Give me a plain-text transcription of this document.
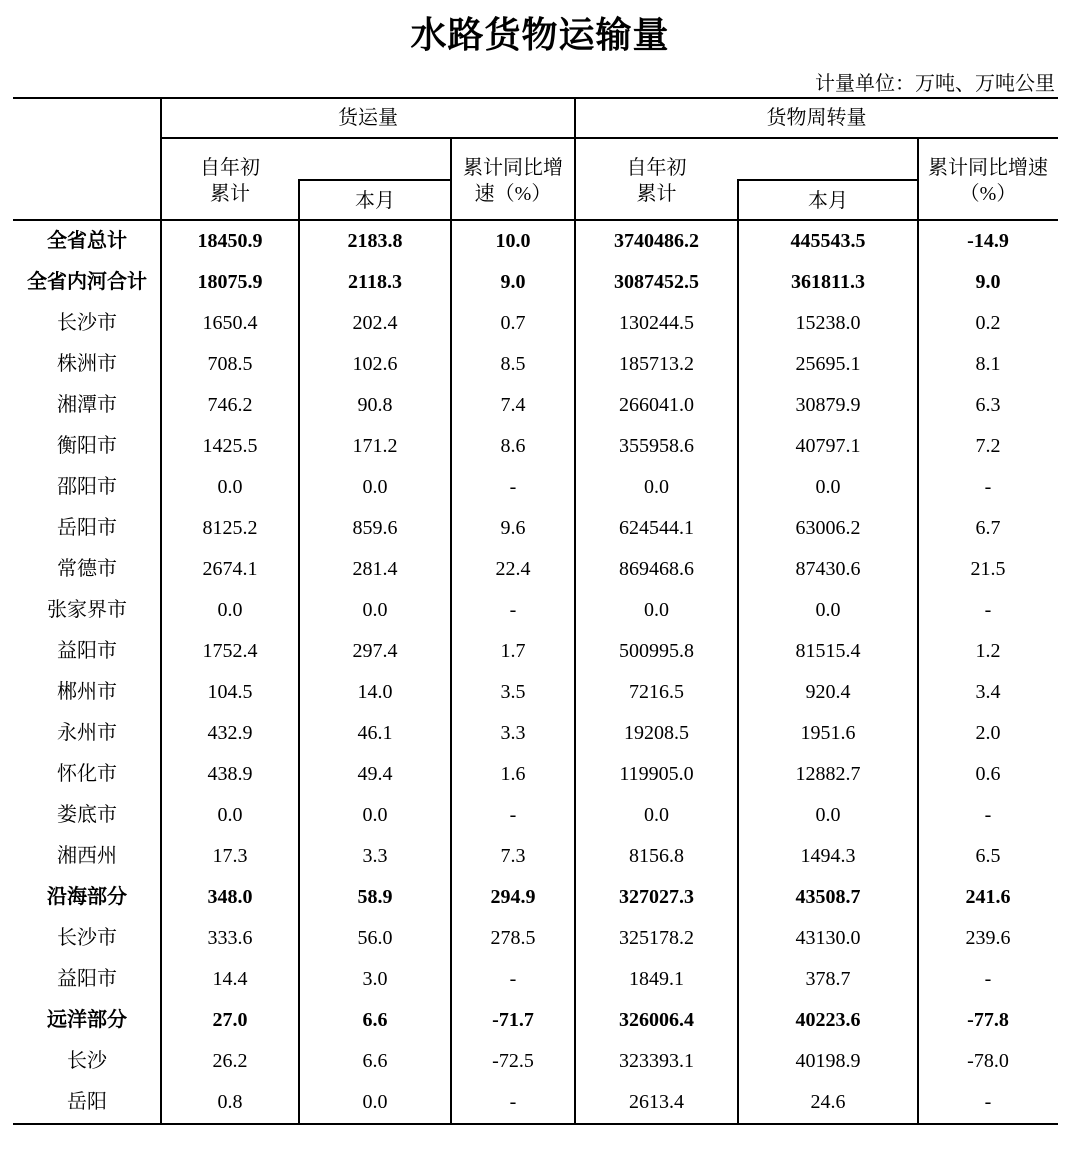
水路货物运输量
计量单位：万吨、万吨公里
货运量	货物周转量
自年初
累计	本月
累计同比增
速（%）
自年初
累计	本月
累计同比增速
（%）
全省总计	18450.9	2183.8	10.0	3740486.2	445543.5	-14.9
全省内河合计	18075.9	2118.3	9.0	3087452.5	361811.3	9.0
长沙市	1650.4	202.4	0.7	130244.5	15238.0	0.2
株洲市	708.5	102.6	8.5	185713.2	25695.1	8.1
湘潭市	746.2	90.8	7.4	266041.0	30879.9	6.3
衡阳市	1425.5	171.2	8.6	355958.6	40797.1	7.2
邵阳市	0.0	0.0	-	0.0	0.0	-
岳阳市	8125.2	859.6	9.6	624544.1	63006.2	6.7
常德市	2674.1	281.4	22.4	869468.6	87430.6	21.5
张家界市	0.0	0.0	-	0.0	0.0	-
益阳市	1752.4	297.4	1.7	500995.8	81515.4	1.2
郴州市	104.5	14.0	3.5	7216.5	920.4	3.4
永州市	432.9	46.1	3.3	19208.5	1951.6	2.0
怀化市	438.9	49.4	1.6	119905.0	12882.7	0.6
娄底市	0.0	0.0	-	0.0	0.0	-
湘西州	17.3	3.3	7.3	8156.8	1494.3	6.5
沿海部分	348.0	58.9	294.9	327027.3	43508.7	241.6
长沙市	333.6	56.0	278.5	325178.2	43130.0	239.6
益阳市	14.4	3.0	-	1849.1	378.7	-
远洋部分	27.0	6.6	-71.7	326006.4	40223.6	-77.8
长沙	26.2	6.6	-72.5	323393.1	40198.9	-78.0
岳阳	0.8	0.0	-	2613.4	24.6	-
